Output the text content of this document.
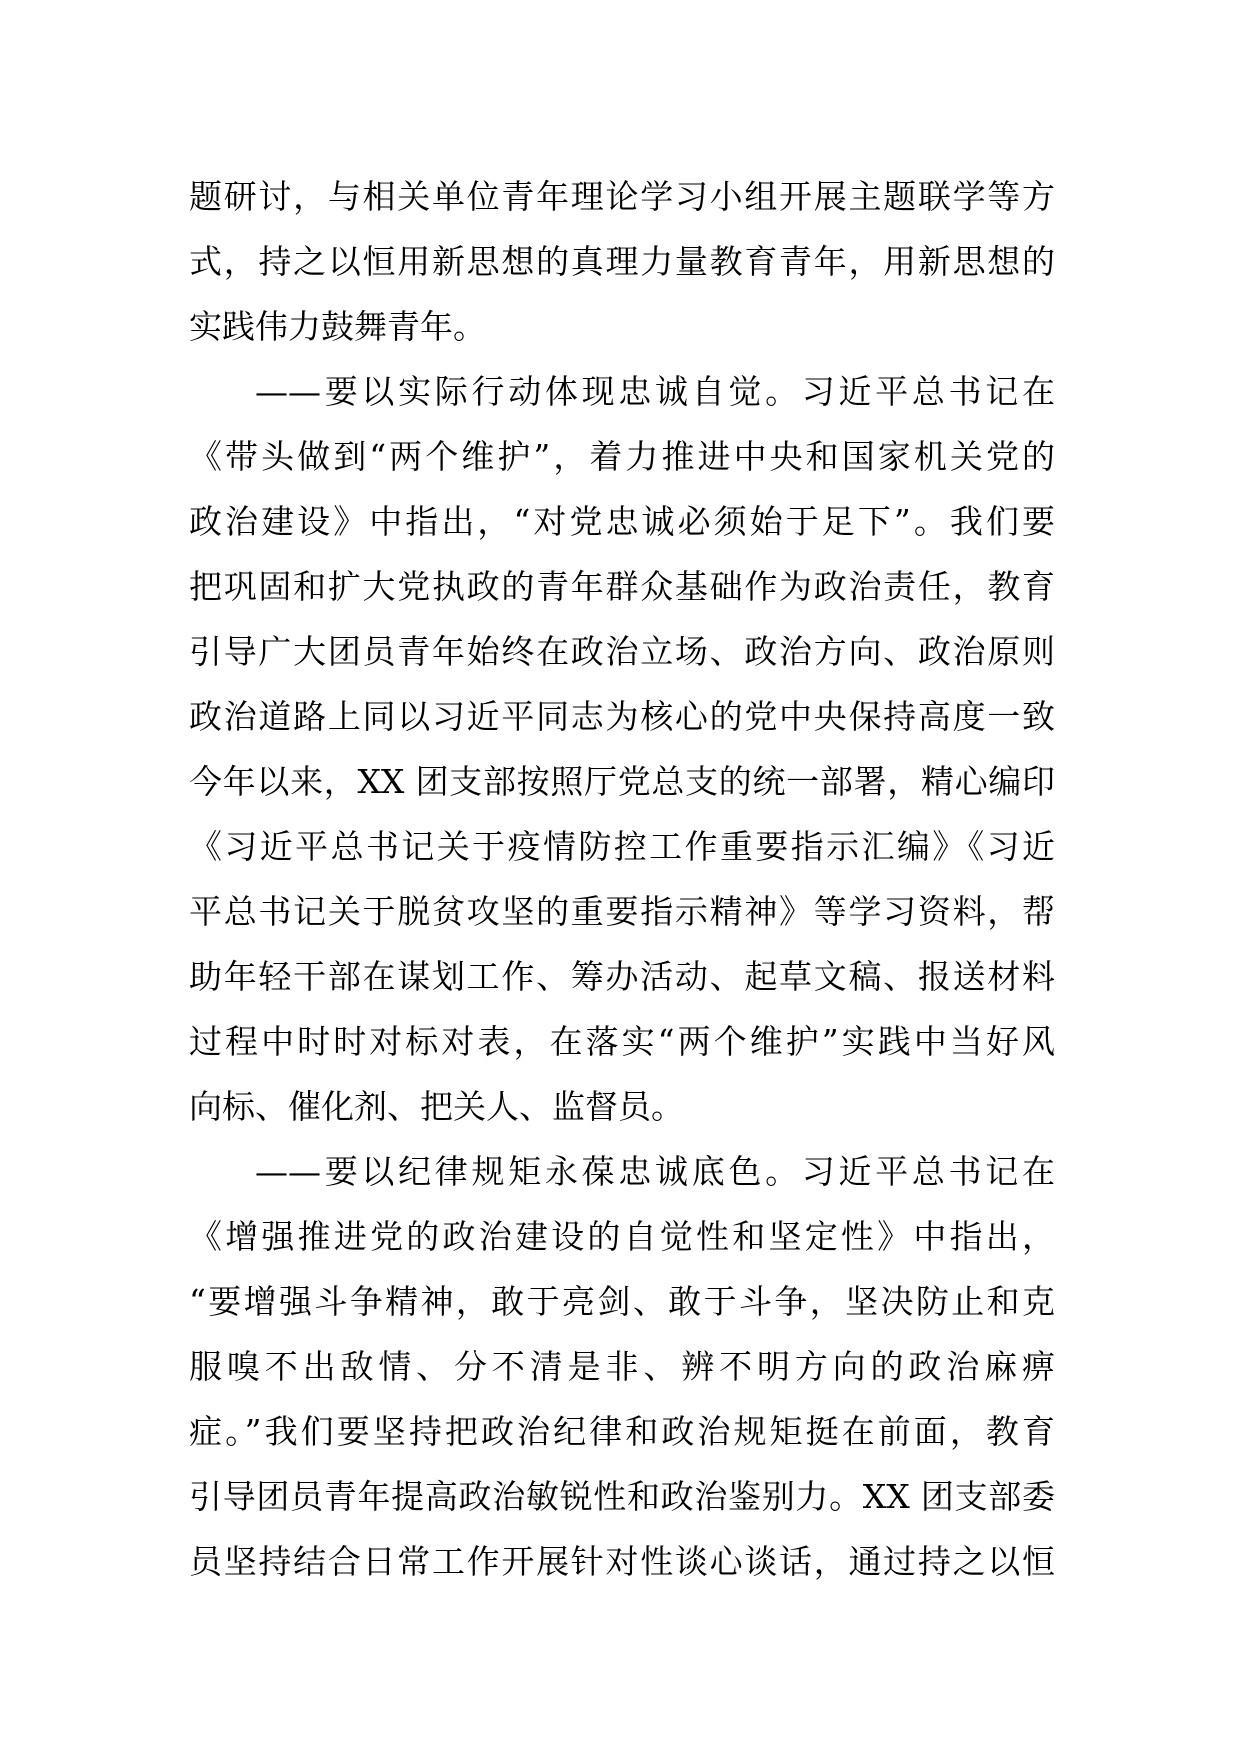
题研讨，与相关单位青年理论学习小组开展主题联学等方
式，持之以恒用新思想的真理力量教育青年，用新思想的
实践伟力鼓舞青年。
——要以实际行动体现忠诚自觉。习近平总书记在
《带头做到“两个维护”，着力推进中央和国家机关党的
政治建设》中指出，“对党忠诚必须始于足下”。我们要
把巩固和扩大党执政的青年群众基础作为政治责任，教育
引导广大团员青年始终在政治立场、政治方向、政治原则
政治道路上同以习近平同志为核心的党中央保持高度一致
今年以来，XX 团支部按照厅党总支的统一部署，精心编印
《习近平总书记关于疫情防控工作重要指示汇编》《习近
平总书记关于脱贫攻坚的重要指示精神》等学习资料，帮
助年轻干部在谋划工作、筹办活动、起草文稿、报送材料
过程中时时对标对表，在落实“两个维护”实践中当好风
向标、催化剂、把关人、监督员。
——要以纪律规矩永葆忠诚底色。习近平总书记在
《增强推进党的政治建设的自觉性和坚定性》中指出，
“要增强斗争精神，敢于亮剑、敢于斗争，坚决防止和克
服嗅不出敌情、分不清是非、辨不明方向的政治麻痹
症。”我们要坚持把政治纪律和政治规矩挺在前面，教育
引导团员青年提高政治敏锐性和政治鉴别力。XX 团支部委
员坚持结合日常工作开展针对性谈心谈话，通过持之以恒
